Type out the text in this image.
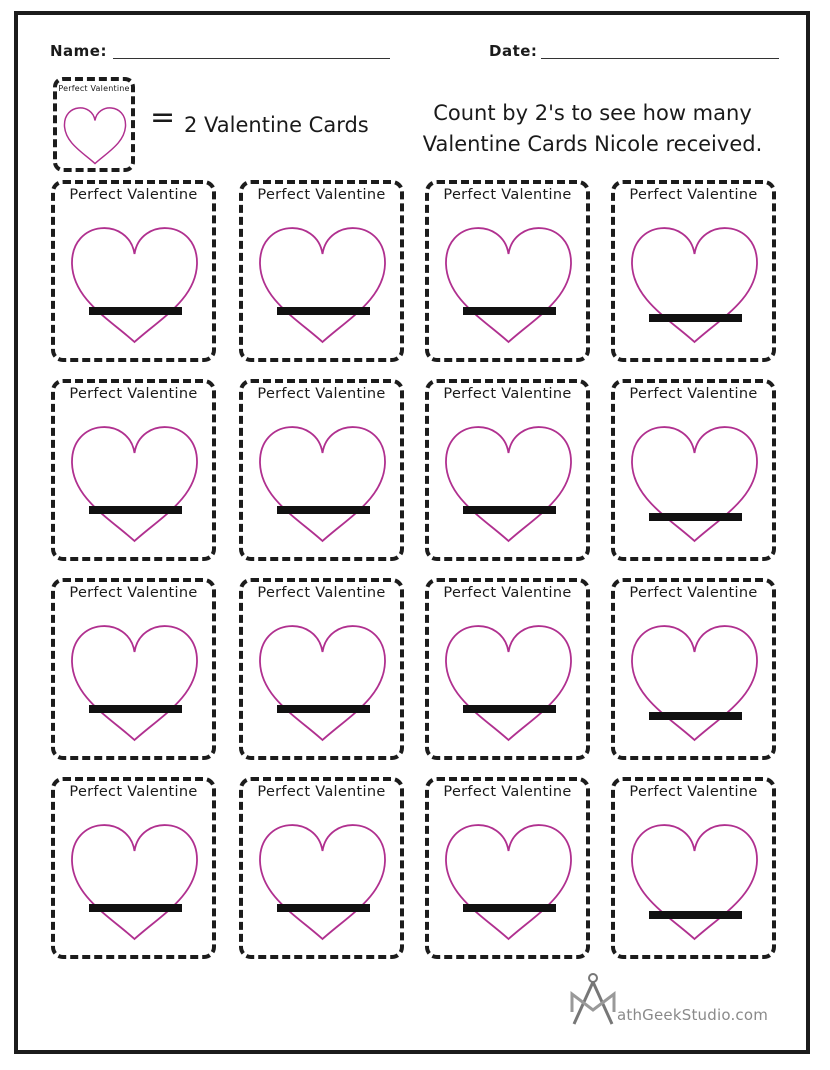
Name:	Date:
Perfect Valentine
= 2 Valentine Cards	Count by 2's to see how many
Valentine Cards Nicole received.
Perfect Valentine	Perfect Valentine	Perfect Valentine	Perfect Valentine
Perfect Valentine	Perfect Valentine	Perfect Valentine	Perfect Valentine
Perfect Valentine	Perfect Valentine	Perfect Valentine	Perfect Valentine
Perfect Valentine	Perfect Valentine	Perfect Valentine	Perfect Valentine
athGeekStudio.com
